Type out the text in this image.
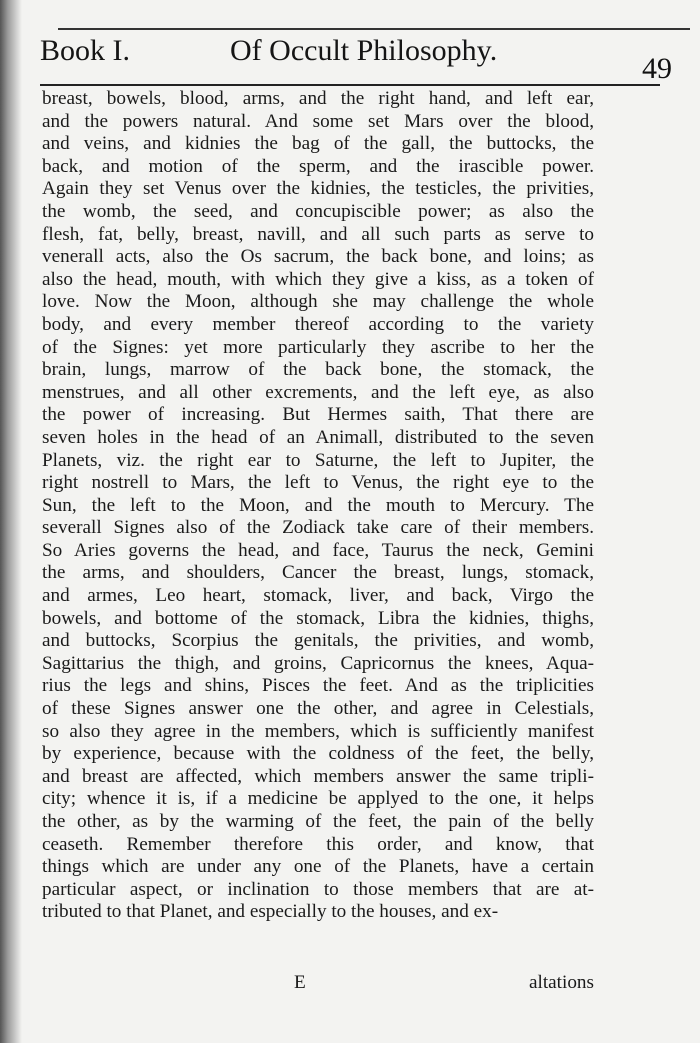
Book I.	Of Occult Philosophy.
49
breast, bowels, blood, arms, and the right hand, and left ear,
and the powers natural. And some set Mars over the blood,
and veins, and kidnies the bag of the gall, the buttocks, the
back, and motion of the sperm, and the irascible power.
Again they set Venus over the kidnies, the testicles, the privities,
the womb, the seed, and concupiscible power; as also the
flesh, fat, belly, breast, navill, and all such parts as serve to
venerall acts, also the Os sacrum, the back bone, and loins; as
also the head, mouth, with which they give a kiss, as a token of
love. Now the Moon, although she may challenge the whole
body, and every member thereof according to the variety
of the Signes: yet more particularly they ascribe to her the
brain, lungs, marrow of the back bone, the stomack, the
menstrues, and all other excrements, and the left eye, as also
the power of increasing. But Hermes saith, That there are
seven holes in the head of an Animall, distributed to the seven
Planets, viz. the right ear to Saturne, the left to Jupiter, the
right nostrell to Mars, the left to Venus, the right eye to the
Sun, the left to the Moon, and the mouth to Mercury. The
severall Signes also of the Zodiack take care of their members.
So Aries governs the head, and face, Taurus the neck, Gemini
the arms, and shoulders, Cancer the breast, lungs, stomack,
and armes, Leo heart, stomack, liver, and back, Virgo the
bowels, and bottome of the stomack, Libra the kidnies, thighs,
and buttocks, Scorpius the genitals, the privities, and womb,
Sagittarius the thigh, and groins, Capricornus the knees, Aqua-
rius the legs and shins, Pisces the feet. And as the triplicities
of these Signes answer one the other, and agree in Celestials,
so also they agree in the members, which is sufficiently manifest
by experience, because with the coldness of the feet, the belly,
and breast are affected, which members answer the same tripli-
city; whence it is, if a medicine be applyed to the one, it helps
the other, as by the warming of the feet, the pain of the belly
ceaseth. Remember therefore this order, and know, that
things which are under any one of the Planets, have a certain
particular aspect, or inclination to those members that are at-
tributed to that Planet, and especially to the houses, and ex-
E	altations
